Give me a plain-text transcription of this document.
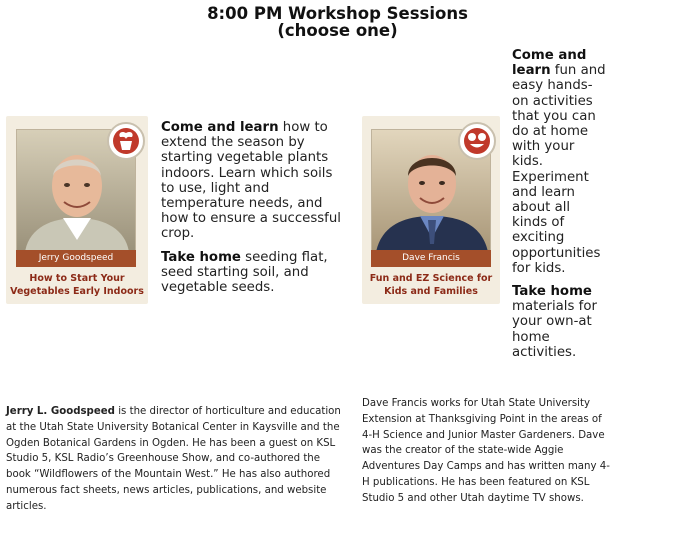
8:00 PM Workshop Sessions
(choose one)
Jerry Goodspeed
How to Start Your
Vegetables Early Indoors

Come and learn how to extend the season by starting vegetable plants indoors. Learn which soils to use, light and temperature needs, and how to ensure a successful crop.

Take home seeding flat, seed starting soil, and vegetable seeds.

Dave Francis
Fun and EZ Science for
Kids and Families

Come and learn fun and easy hands-on activities that you can do at home with your kids. Experiment and learn about all kinds of exciting opportunities for kids.

Take home materials for your own-at home activities.

Jerry L. Goodspeed is the director of horticulture and education at the Utah State University Botanical Center in Kaysville and the Ogden Botanical Gardens in Ogden. He has been a guest on KSL Studio 5, KSL Radio’s Greenhouse Show, and co-authored the book “Wildflowers of the Mountain West.” He has also authored numerous fact sheets, news articles, publications, and website articles.
Dave Francis works for Utah State University Extension at Thanksgiving Point in the areas of 4-H Science and Junior Master Gardeners. Dave was the creator of the state-wide Aggie Adventures Day Camps and has written many 4-H publications. He has been featured on KSL Studio 5 and other Utah daytime TV shows.
